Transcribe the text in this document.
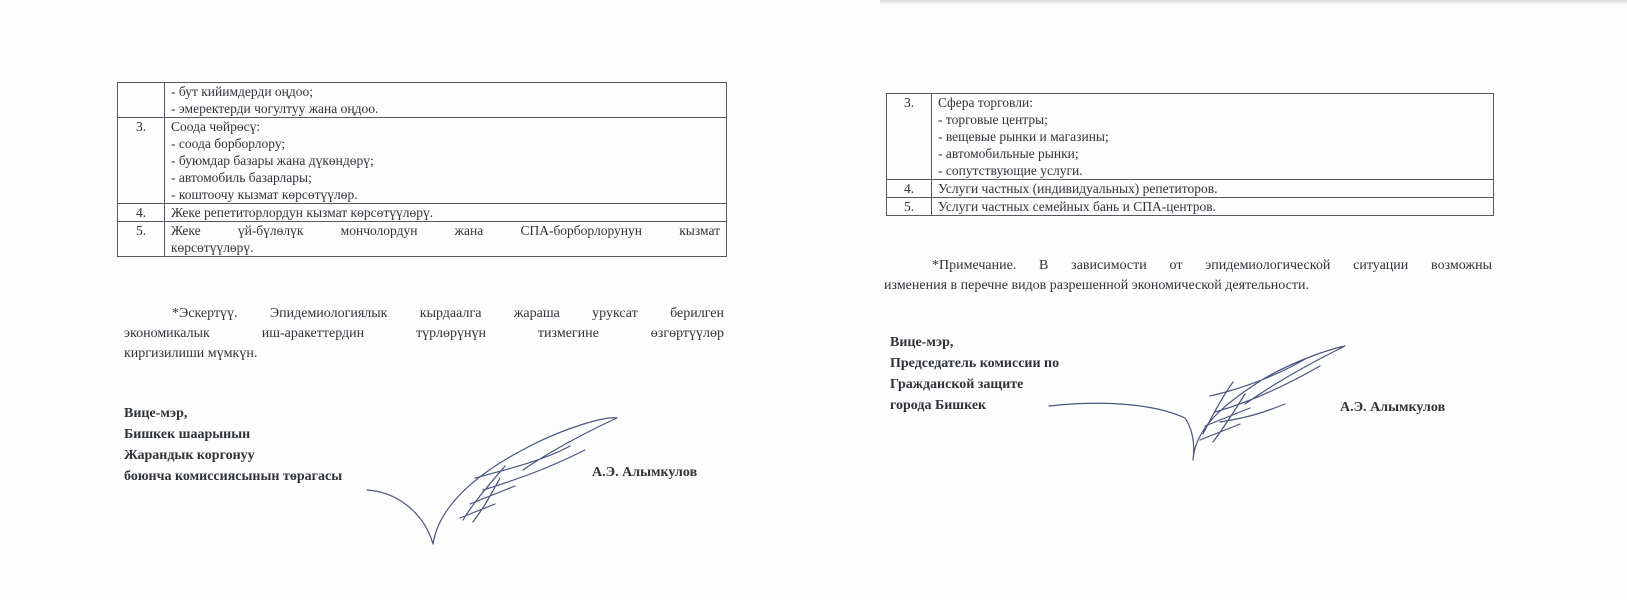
	- бут кийимдерди оңдоо;
- эмеректерди чогултуу жана оңдоо.

3.	Соода чөйрөсү:
- соода борборлору;
- буюмдар базары жана дүкөндөрү;
- автомобиль базарлары;
- коштоочу кызмат көрсөтүүлөр.

4.	Жеке репетиторлордун кызмат көрсөтүүлөрү.

5.	Жеке үй-бүлөлүк мончолордун жана СПА-борборлорунун кызмат
көрсөтүүлөрү.
*Эскертүү. Эпидемиологиялык кырдаалга жараша уруксат берилген
экономикалык иш-аракеттердин түрлөрүнүн тизмегине өзгөртүүлөр
киргизилиши мүмкүн.
Вице-мэр,
Бишкек шаарынын
Жарандык коргонуу
боюнча комиссиясынын төрагасы	А.Э. Алымкулов
3.	Сфера торговли:
- торговые центры;
- вещевые рынки и магазины;
- автомобильные рынки;
- сопутствующие услуги.

4.	Услуги частных (индивидуальных) репетиторов.

5.	Услуги частных семейных бань и СПА-центров.
*Примечание. В зависимости от эпидемиологической ситуации возможны
изменения в перечне видов разрешенной экономической деятельности.
Вице-мэр,
Председатель комиссии по
Гражданской защите
города Бишкек	А.Э. Алымкулов
